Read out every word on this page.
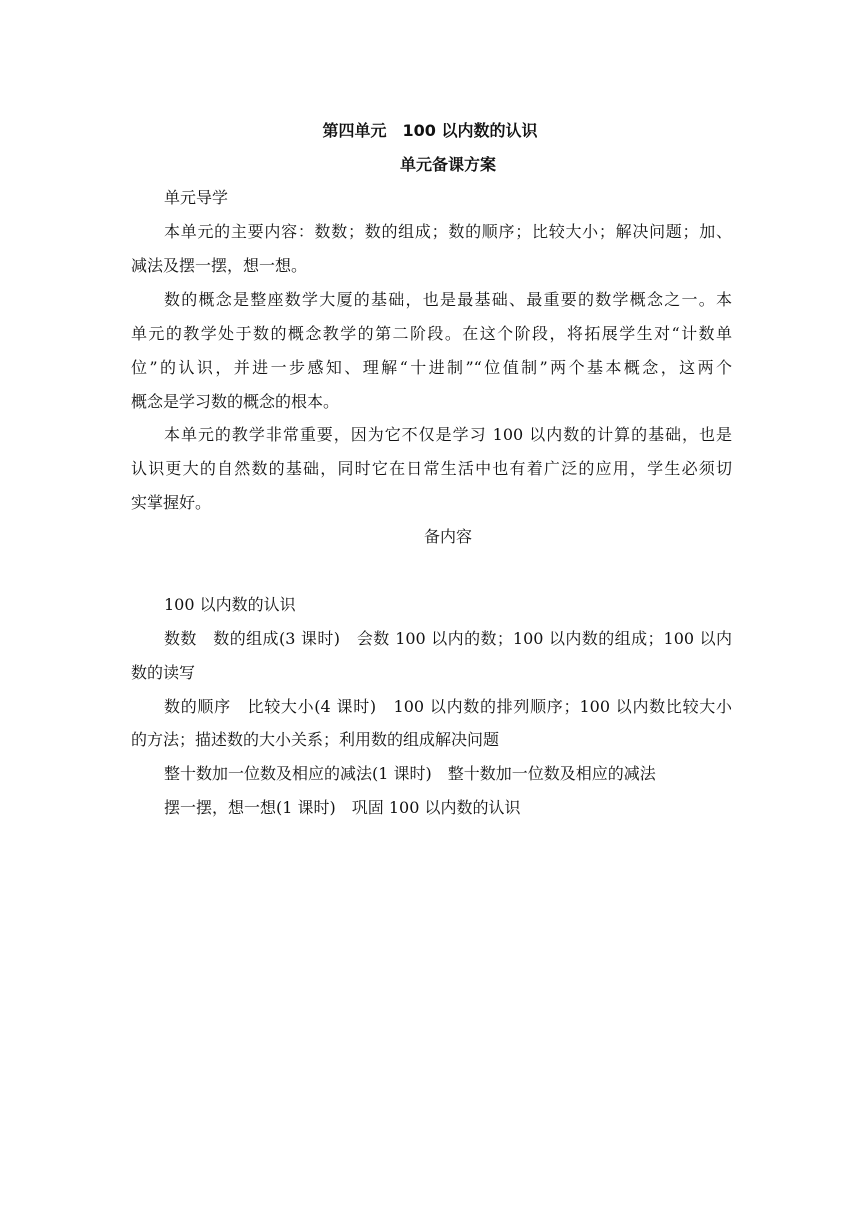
第四单元　100 以内数的认识
单元备课方案
单元导学
本单元的主要内容：数数；数的组成；数的顺序；比较大小；解决问题；加、
减法及摆一摆，想一想。
数的概念是整座数学大厦的基础，也是最基础、最重要的数学概念之一。本
单元的教学处于数的概念教学的第二阶段。在这个阶段，将拓展学生对“计数单
位”的认识，并进一步感知、理解“十进制”“位值制”两个基本概念，这两个
概念是学习数的概念的根本。
本单元的教学非常重要，因为它不仅是学习 100 以内数的计算的基础，也是
认识更大的自然数的基础，同时它在日常生活中也有着广泛的应用，学生必须切
实掌握好。
备内容
100 以内数的认识
数数　数的组成(3 课时)　会数 100 以内的数；100 以内数的组成；100 以内
数的读写
数的顺序　比较大小(4 课时)　100 以内数的排列顺序；100 以内数比较大小
的方法；描述数的大小关系；利用数的组成解决问题
整十数加一位数及相应的减法(1 课时)　整十数加一位数及相应的减法
摆一摆，想一想(1 课时)　巩固 100 以内数的认识
